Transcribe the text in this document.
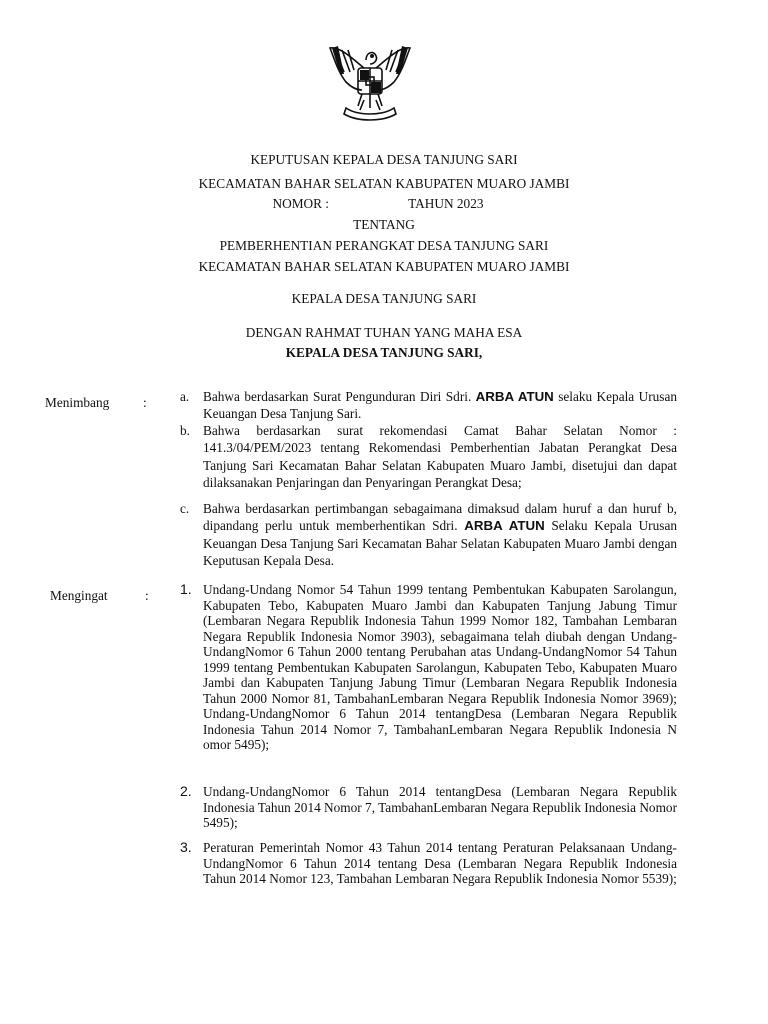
KEPUTUSAN KEPALA DESA TANJUNG SARI
KECAMATAN BAHAR SELATAN KABUPATEN MUARO JAMBI
NOMOR :	TAHUN 2023
TENTANG
PEMBERHENTIAN PERANGKAT DESA TANJUNG SARI
KECAMATAN BAHAR SELATAN KABUPATEN MUARO JAMBI
KEPALA DESA TANJUNG SARI
DENGAN RAHMAT TUHAN YANG MAHA ESA
KEPALA DESA TANJUNG SARI,
Menimbang	:	a. Bahwa berdasarkan Surat Pengunduran Diri Sdri. ARBA ATUN selaku Kepala Urusan Keuangan Desa Tanjung Sari.
b. Bahwa berdasarkan surat rekomendasi Camat Bahar Selatan Nomor : 141.3/04/PEM/2023 tentang Rekomendasi Pemberhentian Jabatan Perangkat Desa Tanjung Sari Kecamatan Bahar Selatan Kabupaten Muaro Jambi, disetujui dan dapat dilaksanakan Penjaringan dan Penyaringan Perangkat Desa;
c. Bahwa berdasarkan pertimbangan sebagaimana dimaksud dalam huruf a dan huruf b, dipandang perlu untuk memberhentikan Sdri. ARBA ATUN Selaku Kepala Urusan Keuangan Desa Tanjung Sari Kecamatan Bahar Selatan Kabupaten Muaro Jambi dengan Keputusan Kepala Desa.
Mengingat	: 1. Undang-Undang Nomor 54 Tahun 1999 tentang Pembentukan Kabupaten Sarolangun, Kabupaten Tebo, Kabupaten Muaro Jambi dan Kabupaten Tanjung Jabung Timur (Lembaran Negara Republik Indonesia Tahun 1999 Nomor 182, Tambahan Lembaran Negara Republik Indonesia Nomor 3903), sebagaimana telah diubah dengan Undang-UndangNomor 6 Tahun 2000 tentang Perubahan atas Undang-UndangNomor 54 Tahun 1999 tentang Pembentukan Kabupaten Sarolangun, Kabupaten Tebo, Kabupaten Muaro Jambi dan Kabupaten Tanjung Jabung Timur (Lembaran Negara Republik Indonesia Tahun 2000 Nomor 81, TambahanLembaran Negara Republik Indonesia Nomor 3969); Undang-UndangNomor 6 Tahun 2014 tentangDesa (Lembaran Negara Republik Indonesia Tahun 2014 Nomor 7, TambahanLembaran Negara Republik Indonesia N omor 5495);
2. Undang-UndangNomor 6 Tahun 2014 tentangDesa (Lembaran Negara Republik Indonesia Tahun 2014 Nomor 7, TambahanLembaran Negara Republik Indonesia Nomor 5495);
3. Peraturan Pemerintah Nomor 43 Tahun 2014 tentang Peraturan Pelaksanaan Undang-UndangNomor 6 Tahun 2014 tentang Desa (Lembaran Negara Republik Indonesia Tahun 2014 Nomor 123, Tambahan Lembaran Negara Republik Indonesia Nomor 5539);
